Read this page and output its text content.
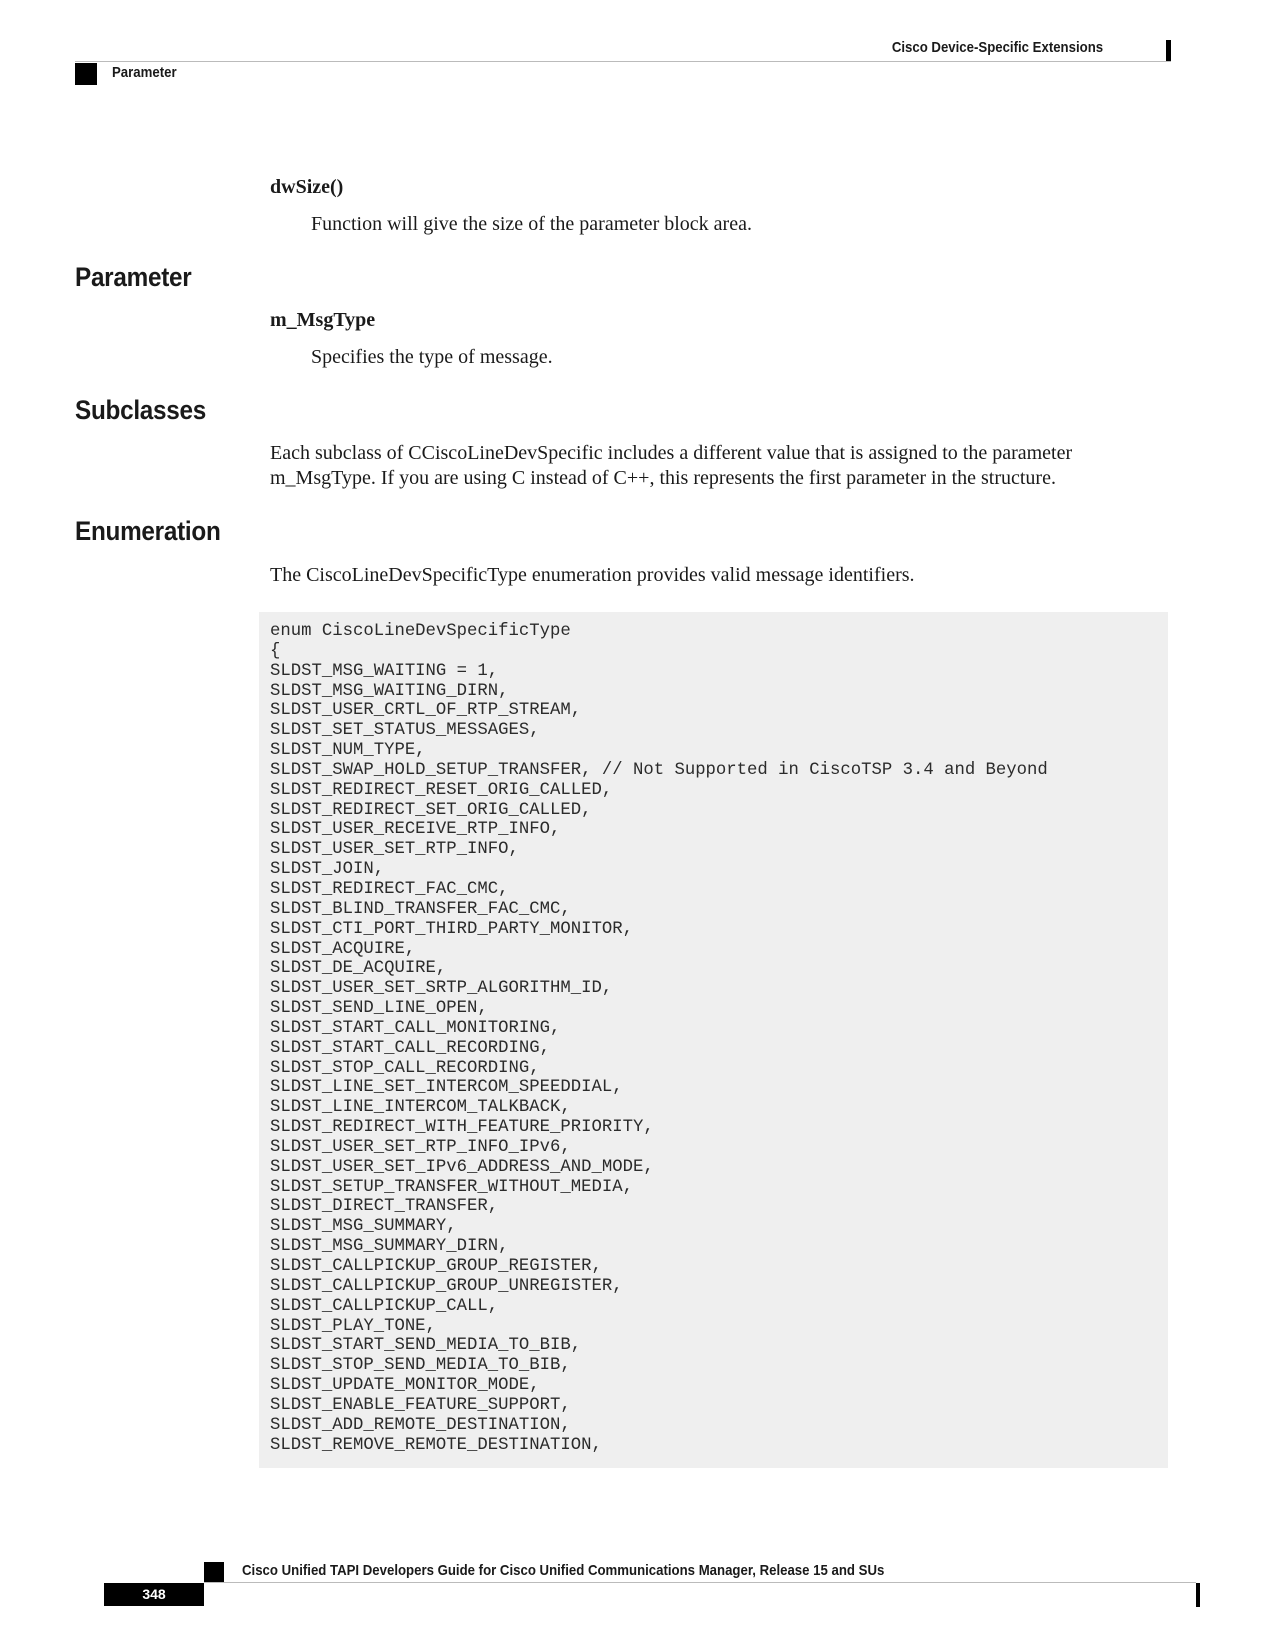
Cisco Device-Specific Extensions
Parameter
dwSize()
Function will give the size of the parameter block area.
Parameter
m_MsgType
Specifies the type of message.
Subclasses
Each subclass of CCiscoLineDevSpecific includes a different value that is assigned to the parameter m_MsgType. If you are using C instead of C++, this represents the first parameter in the structure.
Enumeration
The CiscoLineDevSpecificType enumeration provides valid message identifiers.
enum CiscoLineDevSpecificType
{
SLDST_MSG_WAITING = 1,
SLDST_MSG_WAITING_DIRN,
SLDST_USER_CRTL_OF_RTP_STREAM,
SLDST_SET_STATUS_MESSAGES,
SLDST_NUM_TYPE,
SLDST_SWAP_HOLD_SETUP_TRANSFER, // Not Supported in CiscoTSP 3.4 and Beyond
SLDST_REDIRECT_RESET_ORIG_CALLED,
SLDST_REDIRECT_SET_ORIG_CALLED,
SLDST_USER_RECEIVE_RTP_INFO,
SLDST_USER_SET_RTP_INFO,
SLDST_JOIN,
SLDST_REDIRECT_FAC_CMC,
SLDST_BLIND_TRANSFER_FAC_CMC,
SLDST_CTI_PORT_THIRD_PARTY_MONITOR,
SLDST_ACQUIRE,
SLDST_DE_ACQUIRE,
SLDST_USER_SET_SRTP_ALGORITHM_ID,
SLDST_SEND_LINE_OPEN,
SLDST_START_CALL_MONITORING,
SLDST_START_CALL_RECORDING,
SLDST_STOP_CALL_RECORDING,
SLDST_LINE_SET_INTERCOM_SPEEDDIAL,
SLDST_LINE_INTERCOM_TALKBACK,
SLDST_REDIRECT_WITH_FEATURE_PRIORITY,
SLDST_USER_SET_RTP_INFO_IPv6,
SLDST_USER_SET_IPv6_ADDRESS_AND_MODE,
SLDST_SETUP_TRANSFER_WITHOUT_MEDIA,
SLDST_DIRECT_TRANSFER,
SLDST_MSG_SUMMARY,
SLDST_MSG_SUMMARY_DIRN,
SLDST_CALLPICKUP_GROUP_REGISTER,
SLDST_CALLPICKUP_GROUP_UNREGISTER,
SLDST_CALLPICKUP_CALL,
SLDST_PLAY_TONE,
SLDST_START_SEND_MEDIA_TO_BIB,
SLDST_STOP_SEND_MEDIA_TO_BIB,
SLDST_UPDATE_MONITOR_MODE,
SLDST_ENABLE_FEATURE_SUPPORT,
SLDST_ADD_REMOTE_DESTINATION,
SLDST_REMOVE_REMOTE_DESTINATION,
Cisco Unified TAPI Developers Guide for Cisco Unified Communications Manager, Release 15 and SUs
348
